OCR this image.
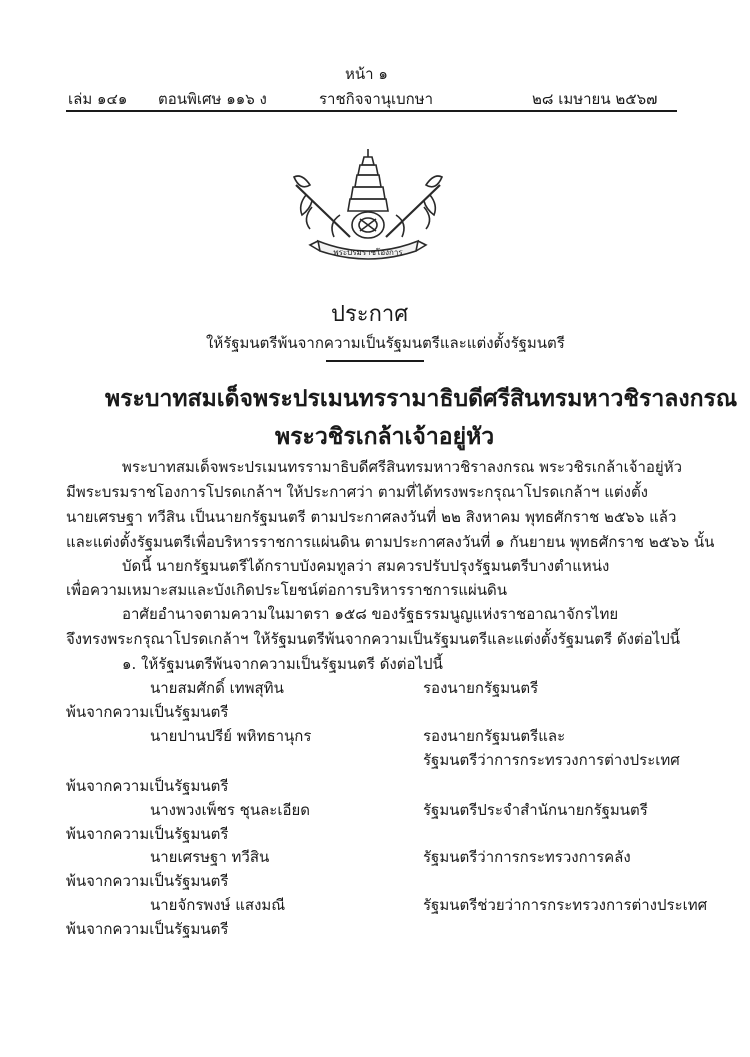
หน้า ๑
เล่ม ๑๔๑ ตอนพิเศษ ๑๑๖ ง	ราชกิจจานุเบกษา	๒๘ เมษายน ๒๕๖๗
พระบรมราชโองการ
ประกาศ
ให้รัฐมนตรีพ้นจากความเป็นรัฐมนตรีและแต่งตั้งรัฐมนตรี
พระบาทสมเด็จพระปรเมนทรรามาธิบดีศรีสินทรมหาวชิราลงกรณ
พระวชิรเกล้าเจ้าอยู่หัว
พระบาทสมเด็จพระปรเมนทรรามาธิบดีศรีสินทรมหาวชิราลงกรณ พระวชิรเกล้าเจ้าอยู่หัว
มีพระบรมราชโองการโปรดเกล้าฯ ให้ประกาศว่า ตามที่ได้ทรงพระกรุณาโปรดเกล้าฯ แต่งตั้ง
นายเศรษฐา ทวีสิน เป็นนายกรัฐมนตรี ตามประกาศลงวันที่ ๒๒ สิงหาคม พุทธศักราช ๒๕๖๖ แล้ว
และแต่งตั้งรัฐมนตรีเพื่อบริหารราชการแผ่นดิน ตามประกาศลงวันที่ ๑ กันยายน พุทธศักราช ๒๕๖๖ นั้น
บัดนี้ นายกรัฐมนตรีได้กราบบังคมทูลว่า สมควรปรับปรุงรัฐมนตรีบางตำแหน่ง
เพื่อความเหมาะสมและบังเกิดประโยชน์ต่อการบริหารราชการแผ่นดิน
อาศัยอำนาจตามความในมาตรา ๑๕๘ ของรัฐธรรมนูญแห่งราชอาณาจักรไทย
จึงทรงพระกรุณาโปรดเกล้าฯ ให้รัฐมนตรีพ้นจากความเป็นรัฐมนตรีและแต่งตั้งรัฐมนตรี ดังต่อไปนี้
๑. ให้รัฐมนตรีพ้นจากความเป็นรัฐมนตรี ดังต่อไปนี้
นายสมศักดิ์ เทพสุทิน	รองนายกรัฐมนตรี
พ้นจากความเป็นรัฐมนตรี
นายปานปรีย์ พหิทธานุกร	รองนายกรัฐมนตรีและ
รัฐมนตรีว่าการกระทรวงการต่างประเทศ
พ้นจากความเป็นรัฐมนตรี
นางพวงเพ็ชร ชุนละเอียด	รัฐมนตรีประจำสำนักนายกรัฐมนตรี
พ้นจากความเป็นรัฐมนตรี
นายเศรษฐา ทวีสิน	รัฐมนตรีว่าการกระทรวงการคลัง
พ้นจากความเป็นรัฐมนตรี
นายจักรพงษ์ แสงมณี	รัฐมนตรีช่วยว่าการกระทรวงการต่างประเทศ
พ้นจากความเป็นรัฐมนตรี
